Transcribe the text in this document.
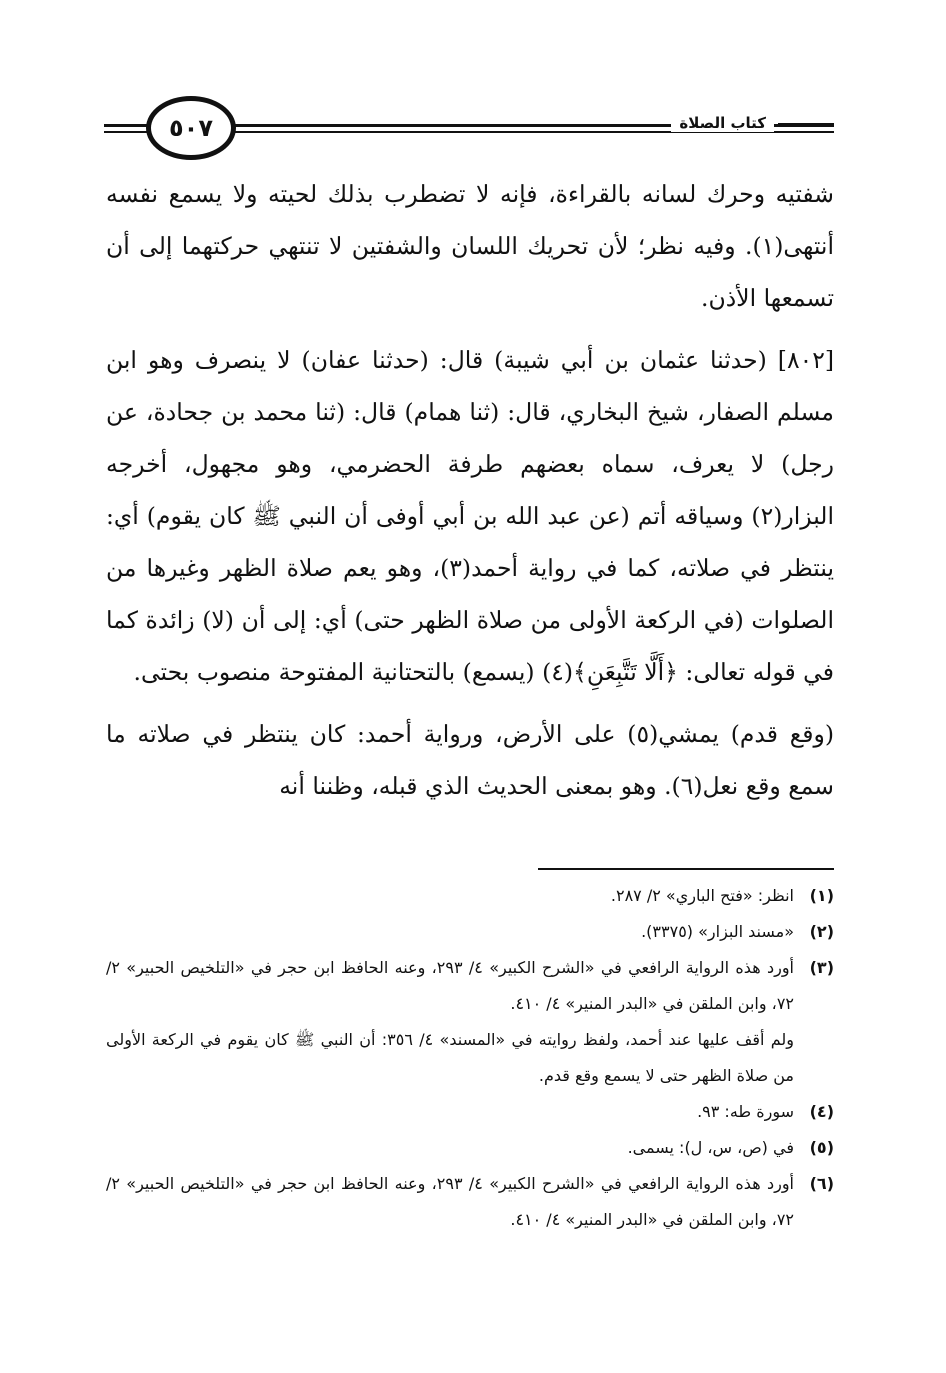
٥٠٧	كتاب الصلاة

شفتيه وحرك لسانه بالقراءة، فإنه لا تضطرب بذلك لحيته ولا يسمع نفسه أنتهى(١). وفيه نظر؛ لأن تحريك اللسان والشفتين لا تنتهي حركتهما إلى أن تسمعها الأذن.

[٨٠٢] (حدثنا عثمان بن أبي شيبة) قال: (حدثنا عفان) لا ينصرف وهو ابن مسلم الصفار، شيخ البخاري، قال: (ثنا همام) قال: (ثنا محمد بن جحادة، عن رجل) لا يعرف، سماه بعضهم طرفة الحضرمي، وهو مجهول، أخرجه البزار(٢) وسياقه أتم (عن عبد الله بن أبي أوفى أن النبي ﷺ كان يقوم) أي: ينتظر في صلاته، كما في رواية أحمد(٣)، وهو يعم صلاة الظهر وغيرها من الصلوات (في الركعة الأولى من صلاة الظهر حتى) أي: إلى أن (لا) زائدة كما في قوله تعالى: ﴿أَلَّا تَتَّبِعَنِ﴾(٤) (يسمع) بالتحتانية المفتوحة منصوب بحتى.

(وقع قدم) يمشي(٥) على الأرض، ورواية أحمد: كان ينتظر في صلاته ما سمع وقع نعل(٦). وهو بمعنى الحديث الذي قبله، وظننا أنه

(١)
انظر: «فتح الباري» ٢/ ٢٨٧.
(٢)
«مسند البزار» (٣٣٧٥).
(٣)
أورد هذه الرواية الرافعي في «الشرح الكبير» ٤/ ٢٩٣، وعنه الحافظ ابن حجر في «التلخيص الحبير» ٢/ ٧٢، وابن الملقن في «البدر المنير» ٤/ ٤١٠.
ولم أقف عليها عند أحمد، ولفظ روايته في «المسند» ٤/ ٣٥٦: أن النبي ﷺ كان يقوم في الركعة الأولى من صلاة الظهر حتى لا يسمع وقع قدم.
(٤)
سورة طه: ٩٣.
(٥)
في (ص، س، ل): يسمى.
(٦)
أورد هذه الرواية الرافعي في «الشرح الكبير» ٤/ ٢٩٣، وعنه الحافظ ابن حجر في «التلخيص الحبير» ٢/ ٧٢، وابن الملقن في «البدر المنير» ٤/ ٤١٠.
